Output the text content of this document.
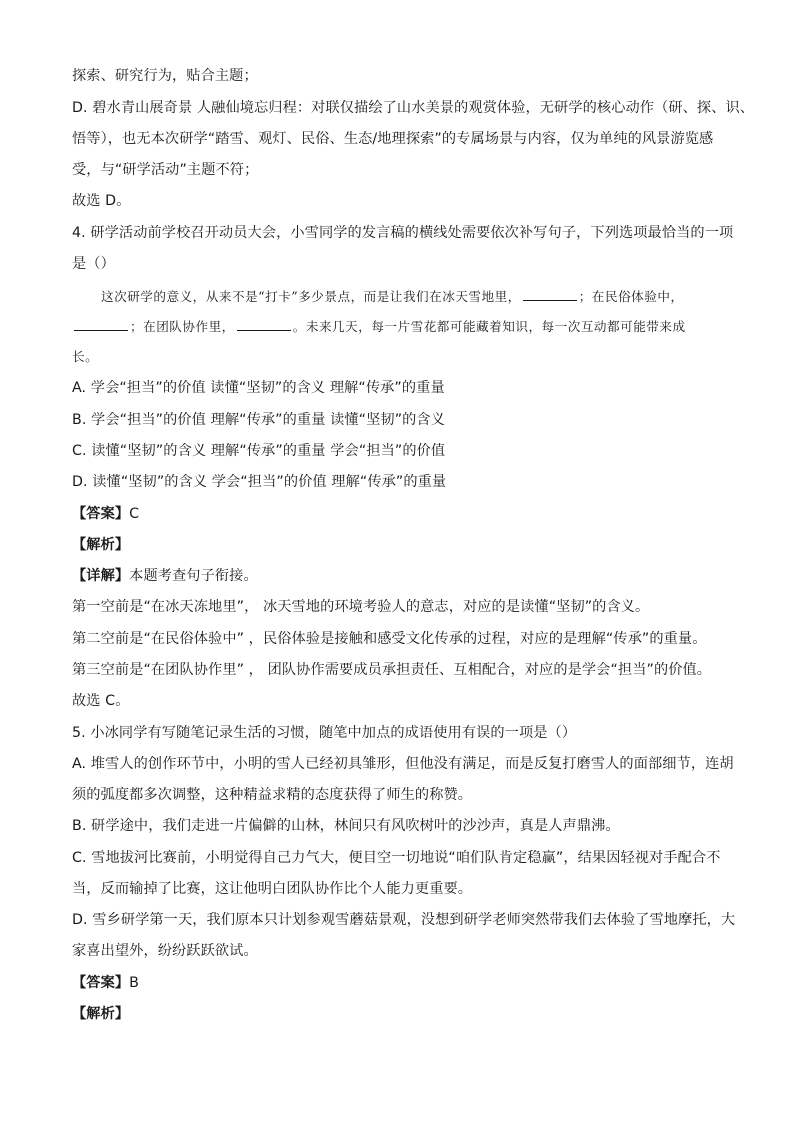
探索、研究行为，贴合主题；
D. 碧水青山展奇景 人融仙境忘归程：对联仅描绘了山水美景的观赏体验，无研学的核心动作（研、探、识、
悟等），也无本次研学“踏雪、观灯、民俗、生态/地理探索”的专属场景与内容，仅为单纯的风景游览感
受，与“研学活动”主题不符；
故选 D。
4. 研学活动前学校召开动员大会，小雪同学的发言稿的横线处需要依次补写句子，下列选项最恰当的一项
是（）
这次研学的意义，从来不是“打卡”多少景点，而是让我们在冰天雪地里，	；在民俗体验中，
；在团队协作里，	。未来几天，每一片雪花都可能藏着知识，每一次互动都可能带来成
长。
A. 学会“担当”的价值 读懂“坚韧”的含义 理解“传承”的重量
B. 学会“担当”的价值 理解“传承”的重量 读懂“坚韧”的含义
C. 读懂“坚韧”的含义 理解“传承”的重量 学会“担当”的价值
D. 读懂“坚韧”的含义 学会“担当”的价值 理解“传承”的重量
【答案】C
【解析】
【详解】本题考查句子衔接。
第一空前是“在冰天冻地里”， 冰天雪地的环境考验人的意志，对应的是读懂“坚韧”的含义。
第二空前是“在民俗体验中” ，民俗体验是接触和感受文化传承的过程，对应的是理解“传承”的重量。
第三空前是“在团队协作里” ， 团队协作需要成员承担责任、互相配合，对应的是学会“担当”的价值。
故选 C。
5. 小冰同学有写随笔记录生活的习惯，随笔中加点的成语使用有误的一项是（）
A. 堆雪人的创作环节中，小明的雪人已经初具雏形，但他没有满足，而是反复打磨雪人的面部细节，连胡
须的弧度都多次调整，这种精益求精的态度获得了师生的称赞。
B. 研学途中，我们走进一片偏僻的山林，林间只有风吹树叶的沙沙声，真是人声鼎沸。
C. 雪地拔河比赛前，小明觉得自己力气大，便目空一切地说“咱们队肯定稳赢”，结果因轻视对手配合不
当，反而输掉了比赛，这让他明白团队协作比个人能力更重要。
D. 雪乡研学第一天，我们原本只计划参观雪蘑菇景观，没想到研学老师突然带我们去体验了雪地摩托，大
家喜出望外，纷纷跃跃欲试。
【答案】B
【解析】
